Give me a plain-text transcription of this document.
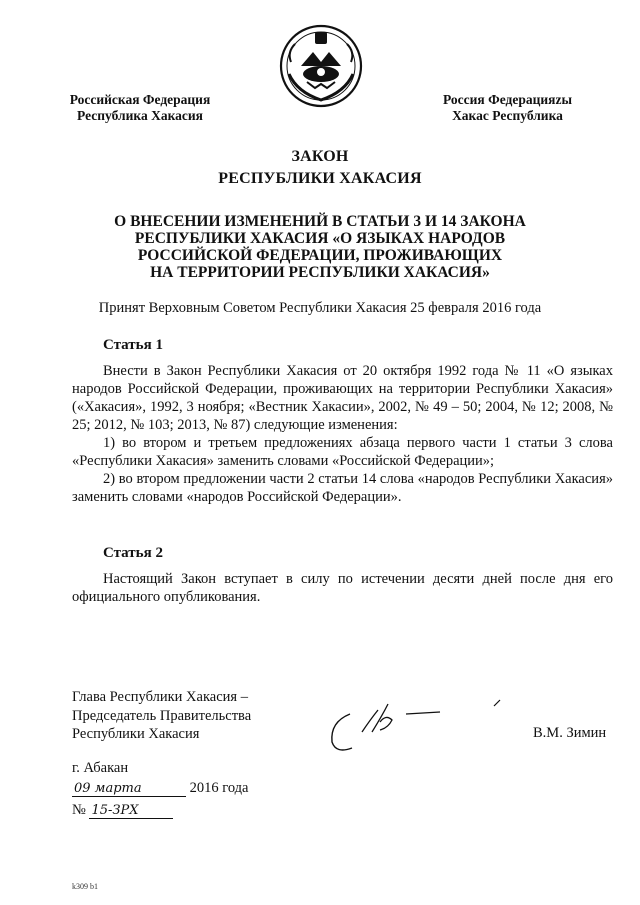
Российская Федерация
Республика Хакасия
Россия Федерацияzы
Хакас Республика
ЗАКОН
РЕСПУБЛИКИ ХАКАСИЯ
О ВНЕСЕНИИ ИЗМЕНЕНИЙ В СТАТЬИ 3 И 14 ЗАКОНА
РЕСПУБЛИКИ ХАКАСИЯ «О ЯЗЫКАХ НАРОДОВ
РОССИЙСКОЙ ФЕДЕРАЦИИ, ПРОЖИВАЮЩИХ
НА ТЕРРИТОРИИ РЕСПУБЛИКИ ХАКАСИЯ»
Принят Верховным Советом Республики Хакасия 25 февраля 2016 года
Статья 1

Внести в Закон Республики Хакасия от 20 октября 1992 года № 11 «О языках народов Российской Федерации, проживающих на территории Республики Хакасия» («Хакасия», 1992, 3 ноября; «Вестник Хакасии», 2002, № 49 – 50; 2004, № 12; 2008, № 25; 2012, № 103; 2013, № 87) следующие изменения:

1) во втором и третьем предложениях абзаца первого части 1 статьи 3 слова «Республики Хакасия» заменить словами «Российской Федерации»;

2) во втором предложении части 2 статьи 14 слова «народов Республики Хакасия» заменить словами «народов Российской Федерации».

Статья 2

Настоящий Закон вступает в силу по истечении десяти дней после дня его официального опубликования.

Глава Республики Хакасия –
Председатель Правительства
Республики Хакасия	В.М. Зимин
г. Абакан
09 марта	2016 года
№ 15-ЗРХ
k309 b1
